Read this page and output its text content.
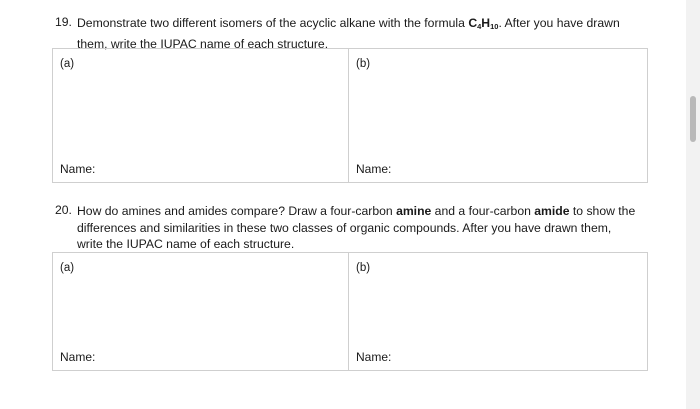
19. Demonstrate two different isomers of the acyclic alkane with the formula $C_4H_{10}$. After you have drawn
them, write the IUPAC name of each structure.
(a)
Name:
(b)
Name:
20. How do amines and amides compare? Draw a four-carbon amine and a four-carbon amide to show the
differences and similarities in these two classes of organic compounds. After you have drawn them,
write the IUPAC name of each structure.
(a)
Name:
(b)
Name:
